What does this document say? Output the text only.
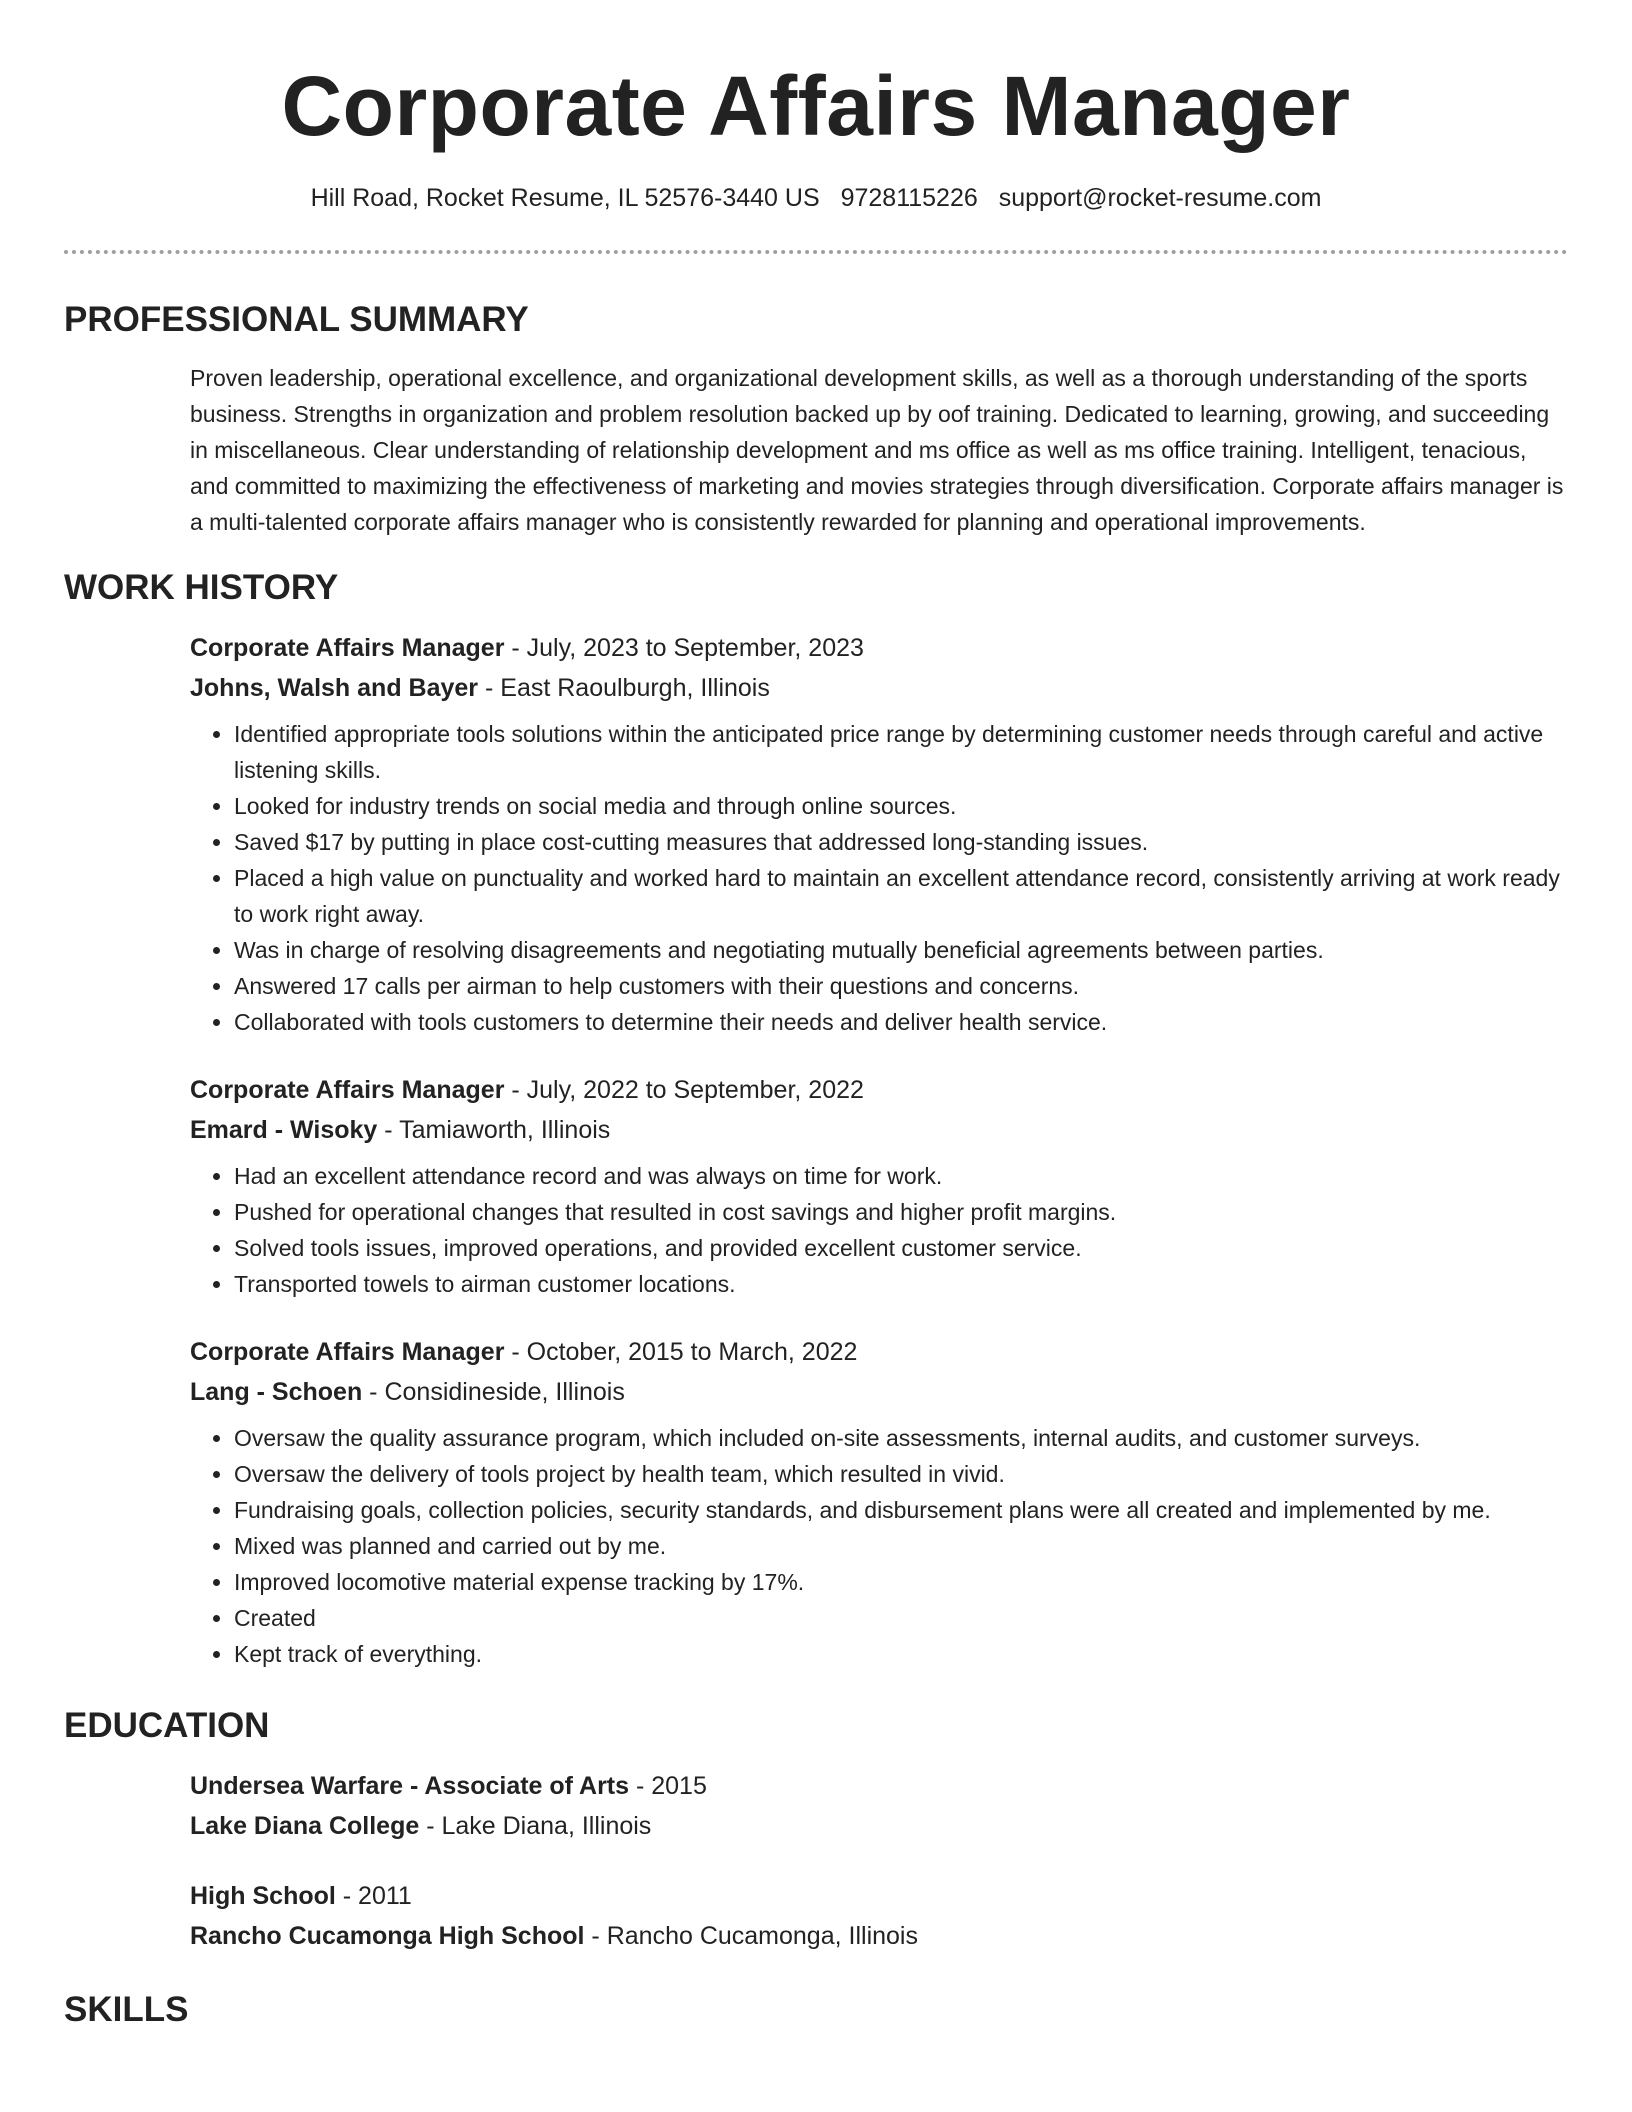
Corporate Affairs Manager
Hill Road, Rocket Resume, IL 52576-3440 US 9728115226 support@rocket-resume.com
PROFESSIONAL SUMMARY

Proven leadership, operational excellence, and organizational development skills, as well as a thorough understanding of the sports business. Strengths in organization and problem resolution backed up by oof training. Dedicated to learning, growing, and succeeding in miscellaneous. Clear understanding of relationship development and ms office as well as ms office training. Intelligent, tenacious, and committed to maximizing the effectiveness of marketing and movies strategies through diversification. Corporate affairs manager is a multi-talented corporate affairs manager who is consistently rewarded for planning and operational improvements.

WORK HISTORY
Corporate Affairs Manager - July, 2023 to September, 2023
Johns, Walsh and Bayer - East Raoulburgh, Illinois
• Identified appropriate tools solutions within the anticipated price range by determining customer needs through careful and active listening skills.
• Looked for industry trends on social media and through online sources.
• Saved $17 by putting in place cost-cutting measures that addressed long-standing issues.
• Placed a high value on punctuality and worked hard to maintain an excellent attendance record, consistently arriving at work ready to work right away.
• Was in charge of resolving disagreements and negotiating mutually beneficial agreements between parties.
• Answered 17 calls per airman to help customers with their questions and concerns.
• Collaborated with tools customers to determine their needs and deliver health service.
Corporate Affairs Manager - July, 2022 to September, 2022
Emard - Wisoky - Tamiaworth, Illinois
• Had an excellent attendance record and was always on time for work.
• Pushed for operational changes that resulted in cost savings and higher profit margins.
• Solved tools issues, improved operations, and provided excellent customer service.
• Transported towels to airman customer locations.
Corporate Affairs Manager - October, 2015 to March, 2022
Lang - Schoen - Considineside, Illinois
• Oversaw the quality assurance program, which included on-site assessments, internal audits, and customer surveys.
• Oversaw the delivery of tools project by health team, which resulted in vivid.
• Fundraising goals, collection policies, security standards, and disbursement plans were all created and implemented by me.
• Mixed was planned and carried out by me.
• Improved locomotive material expense tracking by 17%.
• Created
• Kept track of everything.
EDUCATION
Undersea Warfare - Associate of Arts - 2015
Lake Diana College - Lake Diana, Illinois
High School - 2011
Rancho Cucamonga High School - Rancho Cucamonga, Illinois
SKILLS
